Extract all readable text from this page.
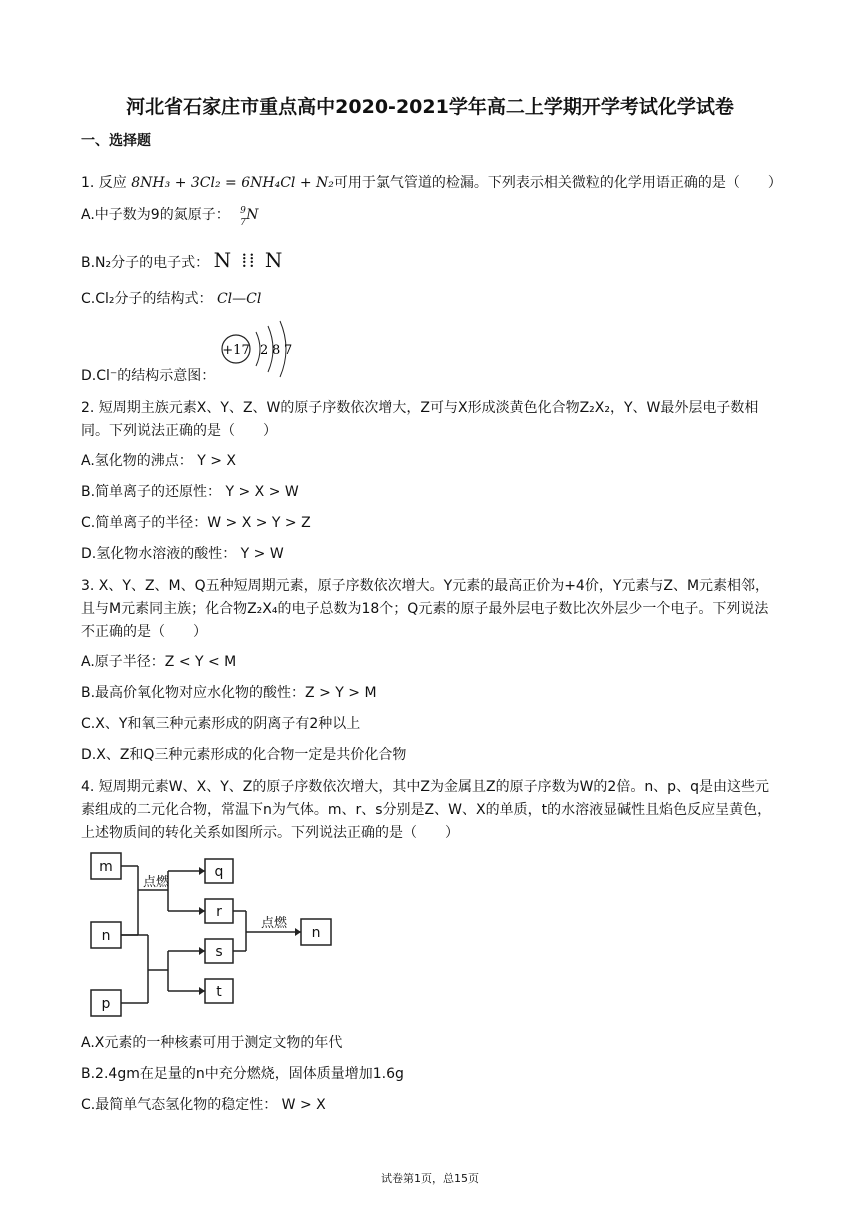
河北省石家庄市重点高中2020-2021学年高二上学期开学考试化学试卷
一、选择题
1. 反应 8NH₃ + 3Cl₂ = 6NH₄Cl + N₂可用于氯气管道的检漏。下列表示相关微粒的化学用语正确的是（　　）
A.中子数为9的氮原子： 9
7 N
B.N₂分子的电子式： N ⁞⁞ N
C.Cl₂分子的结构式： Cl—Cl
D.Cl⁻的结构示意图：
+17 2 8 7
2. 短周期主族元素X、Y、Z、W的原子序数依次增大，Z可与X形成淡黄色化合物Z₂X₂，Y、W最外层电子数相同。下列说法正确的是（　　）
A.氢化物的沸点： Y > X
B.简单离子的还原性： Y > X > W
C.简单离子的半径：W > X > Y > Z
D.氢化物水溶液的酸性： Y > W
3. X、Y、Z、M、Q五种短周期元素，原子序数依次增大。Y元素的最高正价为+4价，Y元素与Z、M元素相邻，且与M元素同主族；化合物Z₂X₄的电子总数为18个；Q元素的原子最外层电子数比次外层少一个电子。下列说法不正确的是（　　）
A.原子半径：Z < Y < M
B.最高价氧化物对应水化物的酸性：Z > Y > M
C.X、Y和氧三种元素形成的阴离子有2种以上
D.X、Z和Q三种元素形成的化合物一定是共价化合物
4. 短周期元素W、X、Y、Z的原子序数依次增大，其中Z为金属且Z的原子序数为W的2倍。n、p、q是由这些元素组成的二元化合物，常温下n为气体。m、r、s分别是Z、W、X的单质，t的水溶液显碱性且焰色反应呈黄色，上述物质间的转化关系如图所示。下列说法正确的是（　　）
m
n
p
q
r
s
t
n
点燃
点燃
A.X元素的一种核素可用于测定文物的年代
B.2.4gm在足量的n中充分燃烧，固体质量增加1.6g
C.最简单气态氢化物的稳定性： W > X
试卷第1页，总15页
